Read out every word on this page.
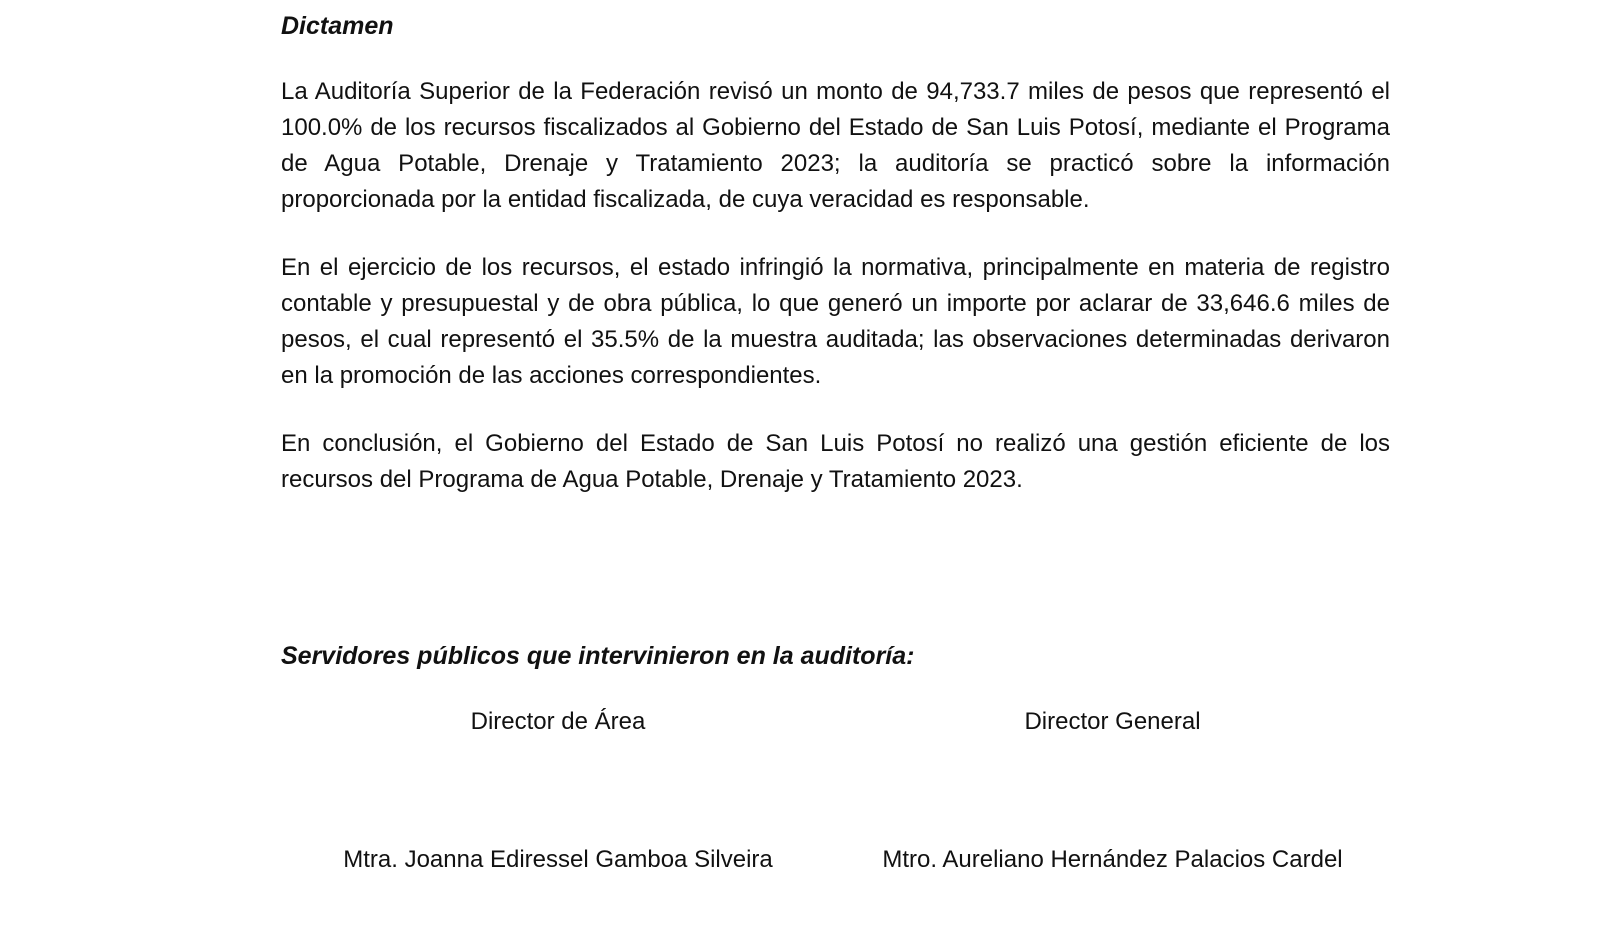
Dictamen

La Auditoría Superior de la Federación revisó un monto de 94,733.7 miles de pesos que representó el 100.0% de los recursos fiscalizados al Gobierno del Estado de San Luis Potosí, mediante el Programa de Agua Potable, Drenaje y Tratamiento 2023; la auditoría se practicó sobre la información proporcionada por la entidad fiscalizada, de cuya veracidad es responsable.

En el ejercicio de los recursos, el estado infringió la normativa, principalmente en materia de registro contable y presupuestal y de obra pública, lo que generó un importe por aclarar de 33,646.6 miles de pesos, el cual representó el 35.5% de la muestra auditada; las observaciones determinadas derivaron en la promoción de las acciones correspondientes.

En conclusión, el Gobierno del Estado de San Luis Potosí no realizó una gestión eficiente de los recursos del Programa de Agua Potable, Drenaje y Tratamiento 2023.

Servidores públicos que intervinieron en la auditoría:

Director de Área	Director General
Mtra. Joanna Ediressel Gamboa Silveira	Mtro. Aureliano Hernández Palacios Cardel
